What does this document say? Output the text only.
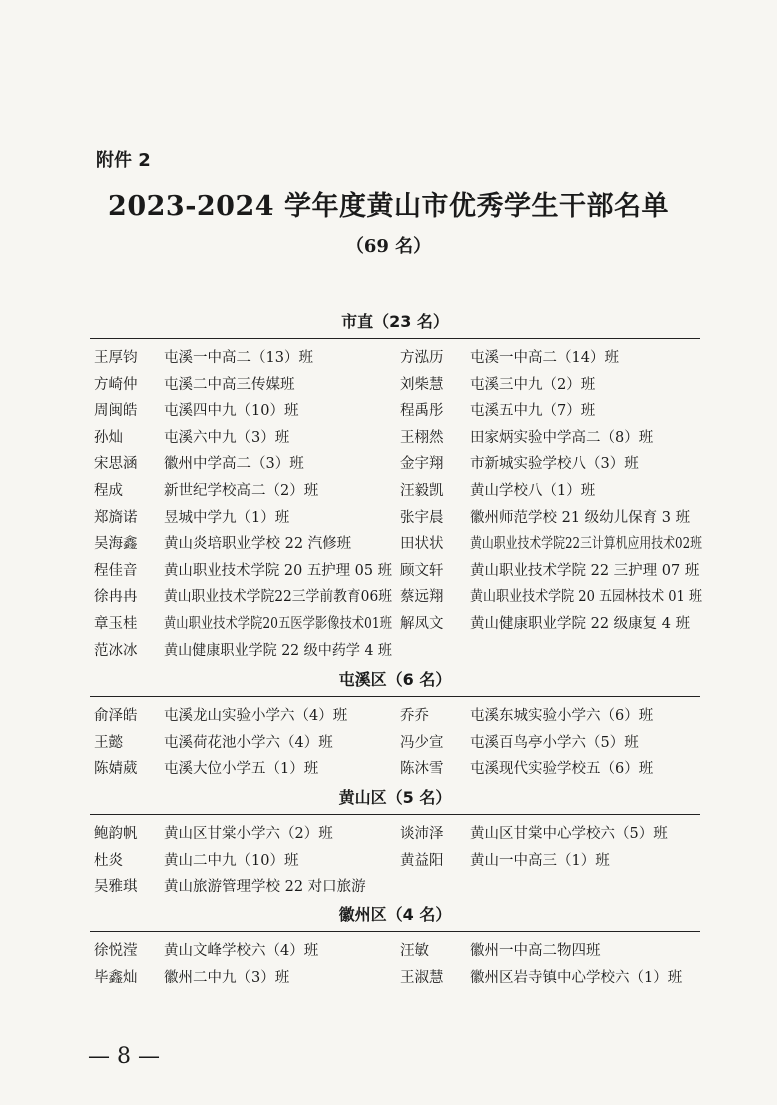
附件 2
2023-2024 学年度黄山市优秀学生干部名单
（69 名）
市直（23 名）
王厚钧 屯溪一中高二（13）班	方泓历 屯溪一中高二（14）班
方崎仲 屯溪二中高三传媒班	刘柴慧 屯溪三中九（2）班
周闽皓 屯溪四中九（10）班	程禹彤 屯溪五中九（7）班
孙灿	屯溪六中九（3）班	王栩然 田家炳实验中学高二（8）班
宋思涵 徽州中学高二（3）班	金宇翔 市新城实验学校八（3）班
程成	新世纪学校高二（2）班	汪毅凯 黄山学校八（1）班
郑旖诺 昱城中学九（1）班	张宇晨 徽州师范学校 21 级幼儿保育 3 班
吴海鑫 黄山炎培职业学校 22 汽修班	田状状 黄山职业技术学院22三计算机应用技术02班
程佳音 黄山职业技术学院 20 五护理 05 班 顾文轩 黄山职业技术学院 22 三护理 07 班
徐冉冉 黄山职业技术学院22三学前教育06班 蔡远翔 黄山职业技术学院 20 五园林技术 01 班
章玉桂 黄山职业技术学院20五医学影像技术01班 解凤文 黄山健康职业学院 22 级康复 4 班
范冰冰 黄山健康职业学院 22 级中药学 4 班
屯溪区（6 名）
俞泽皓 屯溪龙山实验小学六（4）班	乔乔	屯溪东城实验小学六（6）班
王懿	屯溪荷花池小学六（4）班	冯少宣 屯溪百鸟亭小学六（5）班
陈婧葳 屯溪大位小学五（1）班	陈沐雪 屯溪现代实验学校五（6）班
黄山区（5 名）
鲍韵帆 黄山区甘棠小学六（2）班	谈沛泽 黄山区甘棠中心学校六（5）班
杜炎	黄山二中九（10）班	黄益阳 黄山一中高三（1）班
吴雅琪 黄山旅游管理学校 22 对口旅游
徽州区（4 名）
徐悦滢 黄山文峰学校六（4）班	汪敏	徽州一中高二物四班
毕鑫灿 徽州二中九（3）班	王淑慧 徽州区岩寺镇中心学校六（1）班
— 8 —
